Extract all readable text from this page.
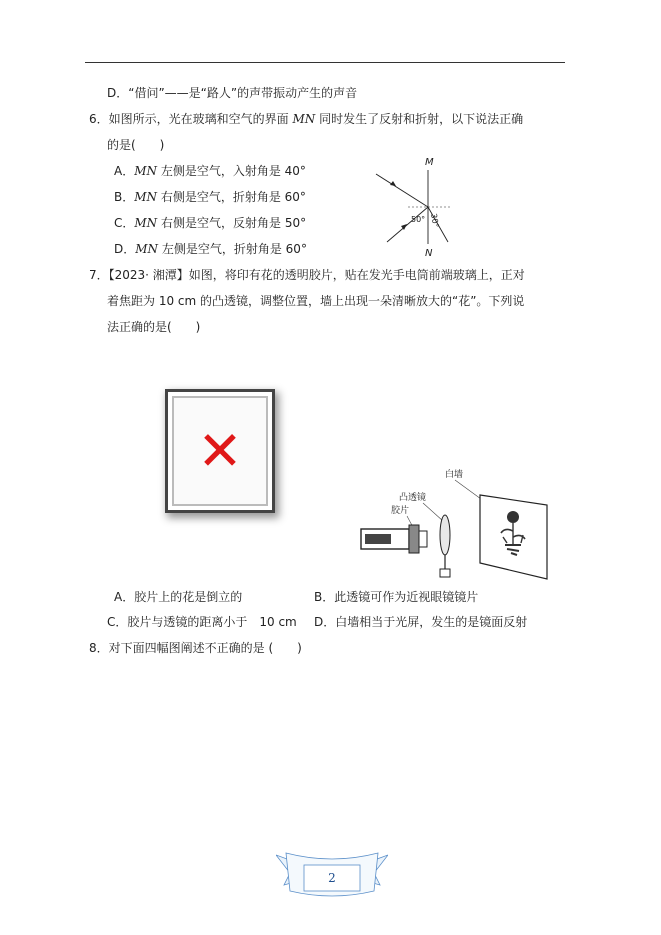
D．“借问”——是“路人”的声带振动产生的声音
6．如图所示，光在玻璃和空气的界面 MN 同时发生了反射和折射，以下说法正确
的是(　　)
A．MN 左侧是空气，入射角是 40°
B．MN 右侧是空气，折射角是 60°
C．MN 右侧是空气，反射角是 50°
D．MN 左侧是空气，折射角是 60°
M
N
50° 30°
7．【2023· 湘潭】如图，将印有花的透明胶片，贴在发光手电筒前端玻璃上，正对
着焦距为 10 cm 的凸透镜，调整位置，墙上出现一朵清晰放大的“花”。下列说
法正确的是(　　)
✕	白墙
凸透镜
胶片
A．胶片上的花是倒立的	B．此透镜可作为近视眼镜镜片
C．胶片与透镜的距离小于　10 cm D．白墙相当于光屏，发生的是镜面反射
8．对下面四幅图阐述不正确的是 (　　)
2
